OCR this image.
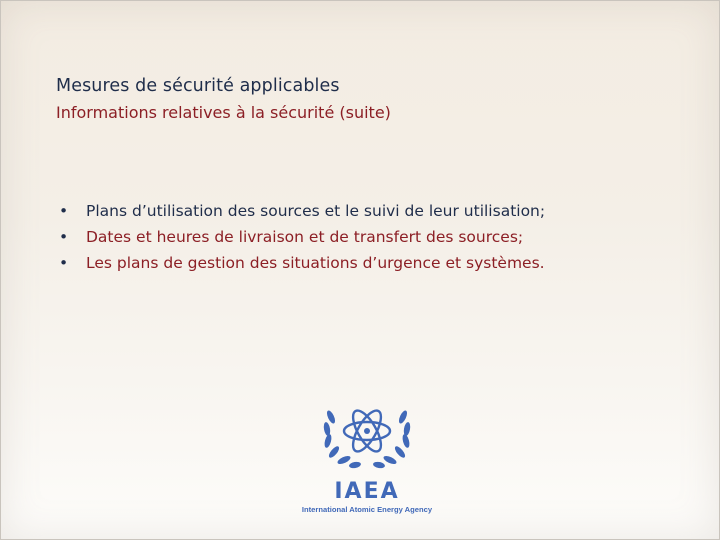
Mesures de sécurité applicables
Informations relatives à la sécurité (suite)
• Plans d’utilisation des sources et le suivi de leur utilisation;
• Dates et heures de livraison et de transfert des sources;
• Les plans de gestion des situations d’urgence et systèmes.
IAEA
International Atomic Energy Agency
